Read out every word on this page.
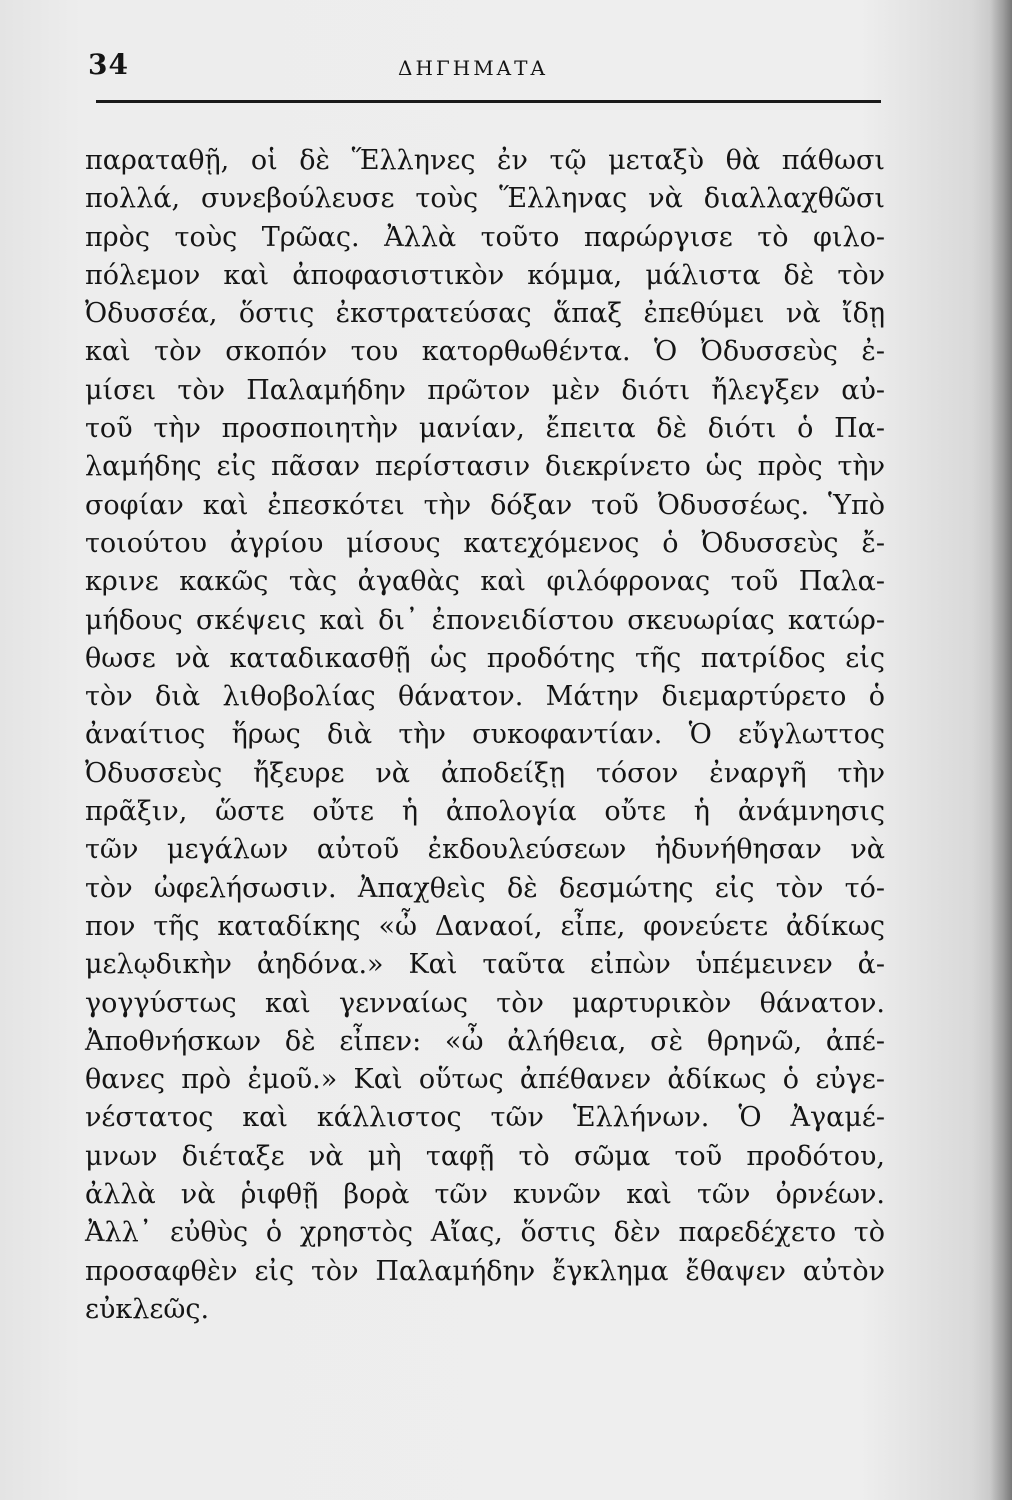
34	ΔΗΓΗΜΑΤΑ
παραταθῇ, οἱ δὲ Ἕλληνες ἐν τῷ μεταξὺ θὰ πάθωσι
πολλά, συνεβούλευσε τοὺς Ἕλληνας νὰ διαλλαχθῶσι
πρὸς τοὺς Τρῶας. Ἀλλὰ τοῦτο παρώργισε τὸ φιλο-
πόλεμον καὶ ἀποφασιστικὸν κόμμα, μάλιστα δὲ τὸν
Ὀδυσσέα, ὅστις ἐκστρατεύσας ἅπαξ ἐπεθύμει νὰ ἴδῃ
καὶ τὸν σκοπόν του κατορθωθέντα. Ὁ Ὀδυσσεὺς ἐ-
μίσει τὸν Παλαμήδην πρῶτον μὲν διότι ἤλεγξεν αὐ-
τοῦ τὴν προσποιητὴν μανίαν, ἔπειτα δὲ διότι ὁ Πα-
λαμήδης εἰς πᾶσαν περίστασιν διεκρίνετο ὡς πρὸς τὴν
σοφίαν καὶ ἐπεσκότει τὴν δόξαν τοῦ Ὀδυσσέως. Ὑπὸ
τοιούτου ἀγρίου μίσους κατεχόμενος ὁ Ὀδυσσεὺς ἔ-
κρινε κακῶς τὰς ἀγαθὰς καὶ φιλόφρονας τοῦ Παλα-
μήδους σκέψεις καὶ δι᾽ ἐπονειδίστου σκευωρίας κατώρ-
θωσε νὰ καταδικασθῇ ὡς προδότης τῆς πατρίδος εἰς
τὸν διὰ λιθοβολίας θάνατον. Μάτην διεμαρτύρετο ὁ
ἀναίτιος ἥρως διὰ τὴν συκοφαντίαν. Ὁ εὔγλωττος
Ὀδυσσεὺς ἤξευρε νὰ ἀποδείξῃ τόσον ἐναργῆ τὴν
πρᾶξιν, ὥστε οὔτε ἡ ἀπολογία οὔτε ἡ ἀνάμνησις
τῶν μεγάλων αὐτοῦ ἐκδουλεύσεων ἠδυνήθησαν νὰ
τὸν ὠφελήσωσιν. Ἀπαχθεὶς δὲ δεσμώτης εἰς τὸν τό-
πον τῆς καταδίκης «ὦ Δαναοί, εἶπε, φονεύετε ἀδίκως
μελῳδικὴν ἀηδόνα.» Καὶ ταῦτα εἰπὼν ὑπέμεινεν ἀ-
γογγύστως καὶ γενναίως τὸν μαρτυρικὸν θάνατον.
Ἀποθνήσκων δὲ εἶπεν: «ὦ ἀλήθεια, σὲ θρηνῶ, ἀπέ-
θανες πρὸ ἐμοῦ.» Καὶ οὕτως ἀπέθανεν ἀδίκως ὁ εὐγε-
νέστατος καὶ κάλλιστος τῶν Ἑλλήνων. Ὁ Ἀγαμέ-
μνων διέταξε νὰ μὴ ταφῇ τὸ σῶμα τοῦ προδότου,
ἀλλὰ νὰ ῥιφθῇ βορὰ τῶν κυνῶν καὶ τῶν ὀρνέων.
Ἀλλ᾽ εὐθὺς ὁ χρηστὸς Αἴας, ὅστις δὲν παρεδέχετο τὸ
προσαφθὲν εἰς τὸν Παλαμήδην ἔγκλημα ἔθαψεν αὐτὸν
εὐκλεῶς.
